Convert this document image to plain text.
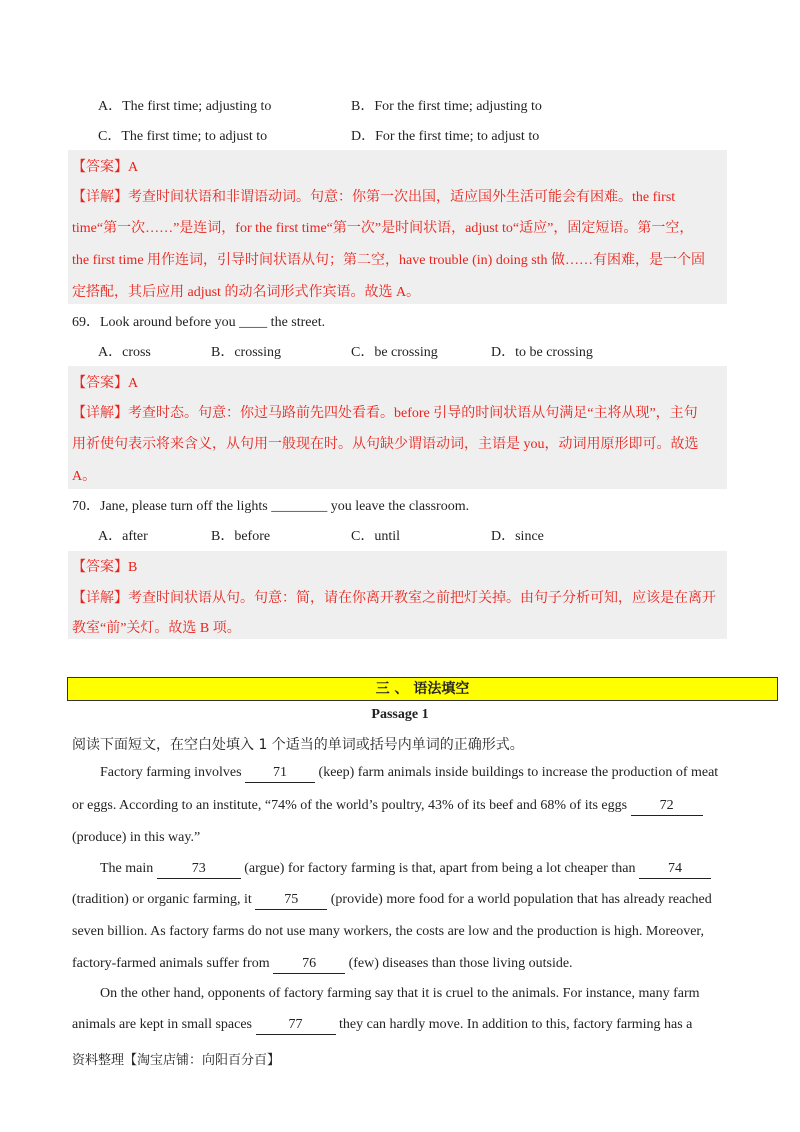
A．The first time; adjusting to	B．For the first time; adjusting to
C．The first time; to adjust to	D．For the first time; to adjust to
【答案】A
【详解】考查时间状语和非谓语动词。句意：你第一次出国，适应国外生活可能会有困难。the first
time“第一次……”是连词，for the first time“第一次”是时间状语，adjust to“适应”，固定短语。第一空，
the first time 用作连词，引导时间状语从句；第二空，have trouble (in) doing sth 做……有困难，是一个固
定搭配，其后应用 adjust 的动名词形式作宾语。故选 A。
69．Look around before you ____ the street.
A．cross	B．crossing	C．be crossing	D．to be crossing
【答案】A
【详解】考查时态。句意：你过马路前先四处看看。before 引导的时间状语从句满足“主将从现”，主句
用祈使句表示将来含义，从句用一般现在时。从句缺少谓语动词，主语是 you，动词用原形即可。故选
A。
70．Jane, please turn off the lights ________ you leave the classroom.
A．after	B．before	C．until	D．since
【答案】B
【详解】考查时间状语从句。句意：简，请在你离开教室之前把灯关掉。由句子分析可知，应该是在离开
教室“前”关灯。故选 B 项。
三 、 语法填空
Passage 1
阅读下面短文，在空白处填入 1 个适当的单词或括号内单词的正确形式。
Factory farming involves 71 (keep) farm animals inside buildings to increase the production of meat
or eggs. According to an institute, “74% of the world’s poultry, 43% of its beef and 68% of its eggs 72
(produce) in this way.”
The main	73	(argue) for factory farming is that, apart from being a lot cheaper than 74
(tradition) or organic farming, it 75 (provide) more food for a world population that has already reached
seven billion. As factory farms do not use many workers, the costs are low and the production is high. Moreover,
factory-farmed animals suffer from 76 (few) diseases than those living outside.
On the other hand, opponents of factory farming say that it is cruel to the animals. For instance, many farm
animals are kept in small spaces 77 they can hardly move. In addition to this, factory farming has a
资料整理【淘宝店铺：向阳百分百】
